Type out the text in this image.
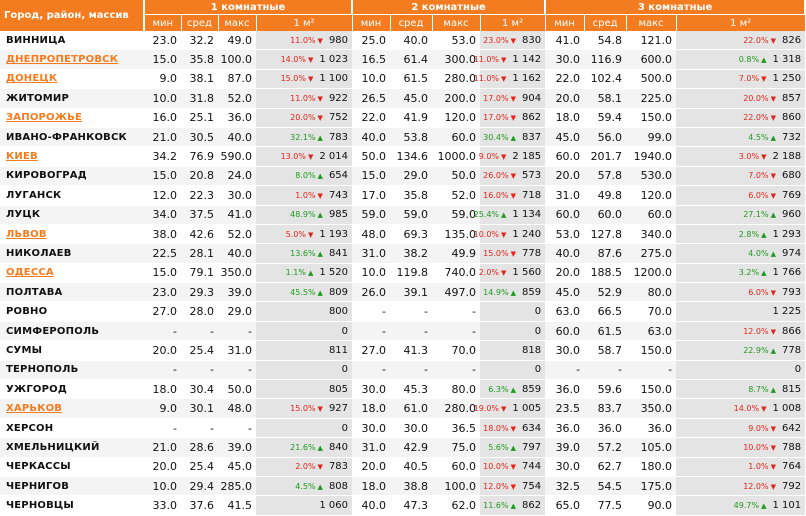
Город, район, массив	1 комнатные				2 комнатные				3 комнатные			
	мин	сред	макс	1 м²	мин	сред	макс	1 м²	мин	сред	макс	1 м²
ВИННИЦА	23.0	32.2	49.0	11.0% ▼ 980	25.0	40.0	53.0	23.0% ▼ 830	41.0	54.8	121.0	22.0% ▼ 826

ДНЕПРОПЕТРОВСК	15.0	35.8	100.0	14.0% ▼ 1 023	16.5	61.4	300.0	11.0% ▼ 1 142	30.0	116.9	600.0	0.8% ▲ 1 318

ДОНЕЦК	9.0	38.1	87.0	15.0% ▼ 1 100	10.0	61.5	280.0	11.0% ▼ 1 162	22.0	102.4	500.0	7.0% ▼ 1 250

ЖИТОМИР	10.0	31.8	52.0	11.0% ▼ 922	26.5	45.0	200.0	17.0% ▼ 904	20.0	58.1	225.0	20.0% ▼ 857

ЗАПОРОЖЬЕ	16.0	25.1	36.0	20.0% ▼ 752	22.0	41.9	120.0	17.0% ▼ 862	18.0	59.4	150.0	22.0% ▼ 860

ИВАНО-ФРАНКОВСК	21.0	30.5	40.0	32.1% ▲ 783	40.0	53.8	60.0	30.4% ▲ 837	45.0	56.0	99.0	4.5% ▲ 732

КИЕВ	34.2	76.9	590.0	13.0% ▼ 2 014	50.0	134.6	1000.0	9.0% ▼ 2 185	60.0	201.7	1940.0	3.0% ▼ 2 188

КИРОВОГРАД	15.0	20.8	24.0	8.0% ▲ 654	15.0	29.0	50.0	26.0% ▼ 573	20.0	57.8	530.0	7.0% ▼ 680

ЛУГАНСК	12.0	22.3	30.0	1.0% ▼ 743	17.0	35.8	52.0	16.0% ▼ 718	31.0	49.8	120.0	6.0% ▼ 769

ЛУЦК	34.0	37.5	41.0	48.9% ▲ 985	59.0	59.0	59.0	25.4% ▲ 1 134	60.0	60.0	60.0	27.1% ▲ 960

ЛЬВОВ	38.0	42.6	52.0	5.0% ▼ 1 193	48.0	69.3	135.0	10.0% ▼ 1 240	53.0	127.8	340.0	2.8% ▲ 1 293

НИКОЛАЕВ	22.5	28.1	40.0	13.6% ▲ 841	31.0	38.2	49.9	15.0% ▼ 778	40.0	87.6	275.0	4.0% ▲ 974

ОДЕССА	15.0	79.1	350.0	1.1% ▲ 1 520	10.0	119.8	740.0	2.0% ▼ 1 560	20.0	188.5	1200.0	3.2% ▲ 1 766

ПОЛТАВА	23.0	29.3	39.0	45.5% ▲ 809	26.0	39.1	497.0	14.9% ▲ 859	45.0	52.9	80.0	6.0% ▼ 793

РОВНО	27.0	28.0	29.0	800	-	-	-	0	63.0	66.5	70.0	1 225

СИМФЕРОПОЛЬ	-	-	-	0	-	-	-	0	60.0	61.5	63.0	12.0% ▼ 866

СУМЫ	20.0	25.4	31.0	811	27.0	41.3	70.0	818	30.0	58.7	150.0	22.9% ▲ 778

ТЕРНОПОЛЬ	-	-	-	0	-	-	-	0	-	-	-	0

УЖГОРОД	18.0	30.4	50.0	805	30.0	45.3	80.0	6.3% ▲ 859	36.0	59.6	150.0	8.7% ▲ 815

ХАРЬКОВ	9.0	30.1	48.0	15.0% ▼ 927	18.0	61.0	280.0	19.0% ▼ 1 005	23.5	83.7	350.0	14.0% ▼ 1 008

ХЕРСОН	-	-	-	0	30.0	30.0	36.5	18.0% ▼ 634	36.0	36.0	36.0	9.0% ▼ 642

ХМЕЛЬНИЦКИЙ	21.0	28.6	39.0	21.6% ▲ 840	31.0	42.9	75.0	5.6% ▲ 797	39.0	57.2	105.0	10.0% ▼ 788

ЧЕРКАССЫ	20.0	25.4	45.0	2.0% ▼ 783	20.0	40.5	60.0	10.0% ▼ 744	30.0	62.7	180.0	1.0% ▼ 764

ЧЕРНИГОВ	10.0	29.4	285.0	4.5% ▲ 808	18.0	38.8	100.0	12.0% ▼ 754	32.5	54.5	175.0	12.0% ▼ 792

ЧЕРНОВЦЫ	33.0	37.6	41.5	1 060	40.0	47.3	62.0	11.6% ▲ 862	65.0	77.5	90.0	49.7% ▲ 1 101
